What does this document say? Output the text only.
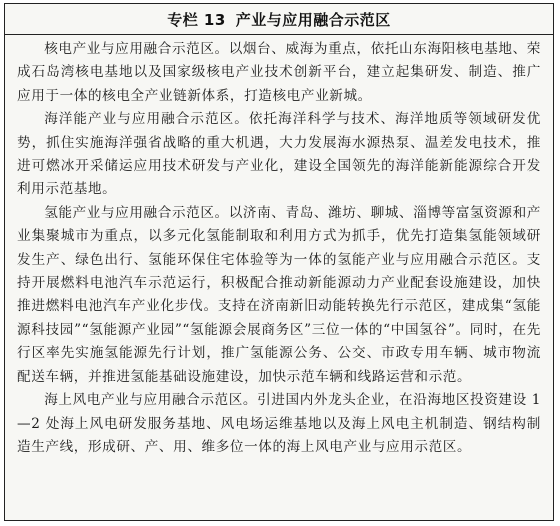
专栏 13 产业与应用融合示范区

核电产业与应用融合示范区。以烟台、威海为重点，依托山东海阳核电基地、荣成石岛湾核电基地以及国家级核电产业技术创新平台，建立起集研发、制造、推广应用于一体的核电全产业链新体系，打造核电产业新城。

海洋能产业与应用融合示范区。依托海洋科学与技术、海洋地质等领域研发优势，抓住实施海洋强省战略的重大机遇，大力发展海水源热泵、温差发电技术，推进可燃冰开采储运应用技术研发与产业化，建设全国领先的海洋能新能源综合开发利用示范基地。

氢能产业与应用融合示范区。以济南、青岛、潍坊、聊城、淄博等富氢资源和产业集聚城市为重点，以多元化氢能制取和利用方式为抓手，优先打造集氢能领域研发生产、绿色出行、氢能环保住宅体验等为一体的氢能产业与应用融合示范区。支持开展燃料电池汽车示范运行，积极配合推动新能源动力产业配套设施建设，加快推进燃料电池汽车产业化步伐。支持在济南新旧动能转换先行示范区，建成集“氢能源科技园”“氢能源产业园”“氢能源会展商务区”三位一体的“中国氢谷”。同时，在先行区率先实施氢能源先行计划，推广氢能源公务、公交、市政专用车辆、城市物流配送车辆，并推进氢能基础设施建设，加快示范车辆和线路运营和示范。

海上风电产业与应用融合示范区。引进国内外龙头企业，在沿海地区投资建设 1—2 处海上风电研发服务基地、风电场运维基地以及海上风电主机制造、钢结构制造生产线，形成研、产、用、维多位一体的海上风电产业与应用示范区。
